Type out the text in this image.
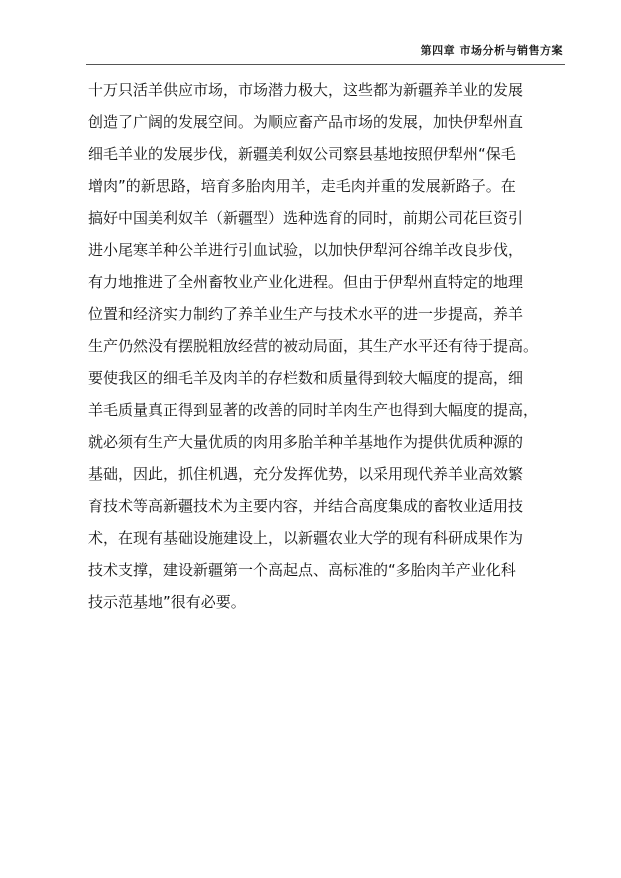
第四章 市场分析与销售方案
十万只活羊供应市场，市场潜力极大，这些都为新疆养羊业的发展
创造了广阔的发展空间。为顺应畜产品市场的发展，加快伊犁州直
细毛羊业的发展步伐，新疆美利奴公司察县基地按照伊犁州“保毛
增肉”的新思路，培育多胎肉用羊，走毛肉并重的发展新路子。在
搞好中国美利奴羊（新疆型）选种选育的同时，前期公司花巨资引
进小尾寒羊种公羊进行引血试验，以加快伊犁河谷绵羊改良步伐，
有力地推进了全州畜牧业产业化进程。但由于伊犁州直特定的地理
位置和经济实力制约了养羊业生产与技术水平的进一步提高，养羊
生产仍然没有摆脱粗放经营的被动局面，其生产水平还有待于提高。
要使我区的细毛羊及肉羊的存栏数和质量得到较大幅度的提高，细
羊毛质量真正得到显著的改善的同时羊肉生产也得到大幅度的提高，
就必须有生产大量优质的肉用多胎羊种羊基地作为提供优质种源的
基础，因此，抓住机遇，充分发挥优势，以采用现代养羊业高效繁
育技术等高新疆技术为主要内容，并结合高度集成的畜牧业适用技
术，在现有基础设施建设上，以新疆农业大学的现有科研成果作为
技术支撑，建设新疆第一个高起点、高标准的“多胎肉羊产业化科
技示范基地”很有必要。
